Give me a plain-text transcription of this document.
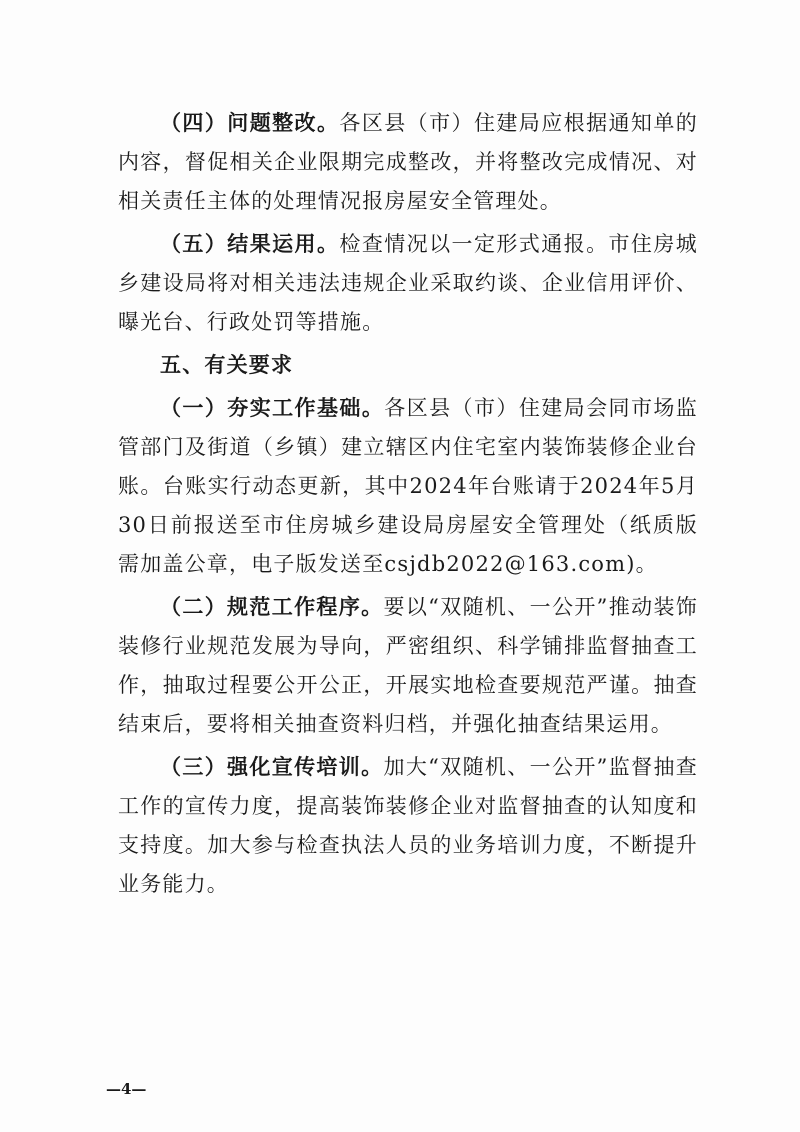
（四）问题整改。各区县（市）住建局应根据通知单的内容，督促相关企业限期完成整改，并将整改完成情况、对相关责任主体的处理情况报房屋安全管理处。

（五）结果运用。检查情况以一定形式通报。市住房城乡建设局将对相关违法违规企业采取约谈、企业信用评价、曝光台、行政处罚等措施。

五、有关要求

（一）夯实工作基础。各区县（市）住建局会同市场监管部门及街道（乡镇）建立辖区内住宅室内装饰装修企业台账。台账实行动态更新，其中2024年台账请于2024年5月30日前报送至市住房城乡建设局房屋安全管理处（纸质版需加盖公章，电子版发送至csjdb2022@163.com)。

（二）规范工作程序。要以“双随机、一公开”推动装饰装修行业规范发展为导向，严密组织、科学铺排监督抽查工作，抽取过程要公开公正，开展实地检查要规范严谨。抽查结束后，要将相关抽查资料归档，并强化抽查结果运用。

（三）强化宣传培训。加大“双随机、一公开”监督抽查工作的宣传力度，提高装饰装修企业对监督抽查的认知度和支持度。加大参与检查执法人员的业务培训力度，不断提升业务能力。

—4—
